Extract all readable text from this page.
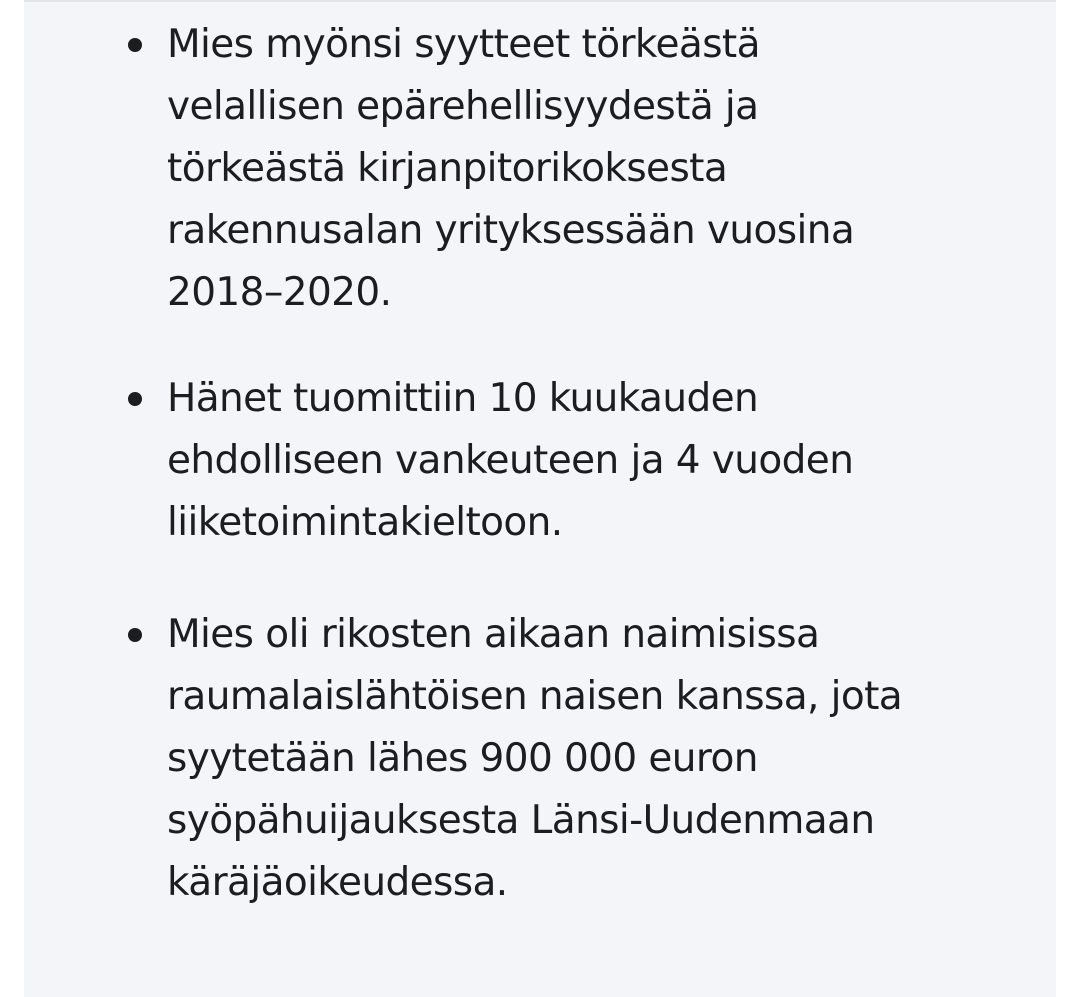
Mies myönsi syytteet törkeästä
velallisen epärehellisyydestä ja
törkeästä kirjanpitorikoksesta
rakennusalan yrityksessään vuosina
2018–2020.

Hänet tuomittiin 10 kuukauden
ehdolliseen vankeuteen ja 4 vuoden
liiketoimintakieltoon.

Mies oli rikosten aikaan naimisissa
raumalaislähtöisen naisen kanssa, jota
syytetään lähes 900 000 euron
syöpähuijauksesta Länsi-Uudenmaan
käräjäoikeudessa.
